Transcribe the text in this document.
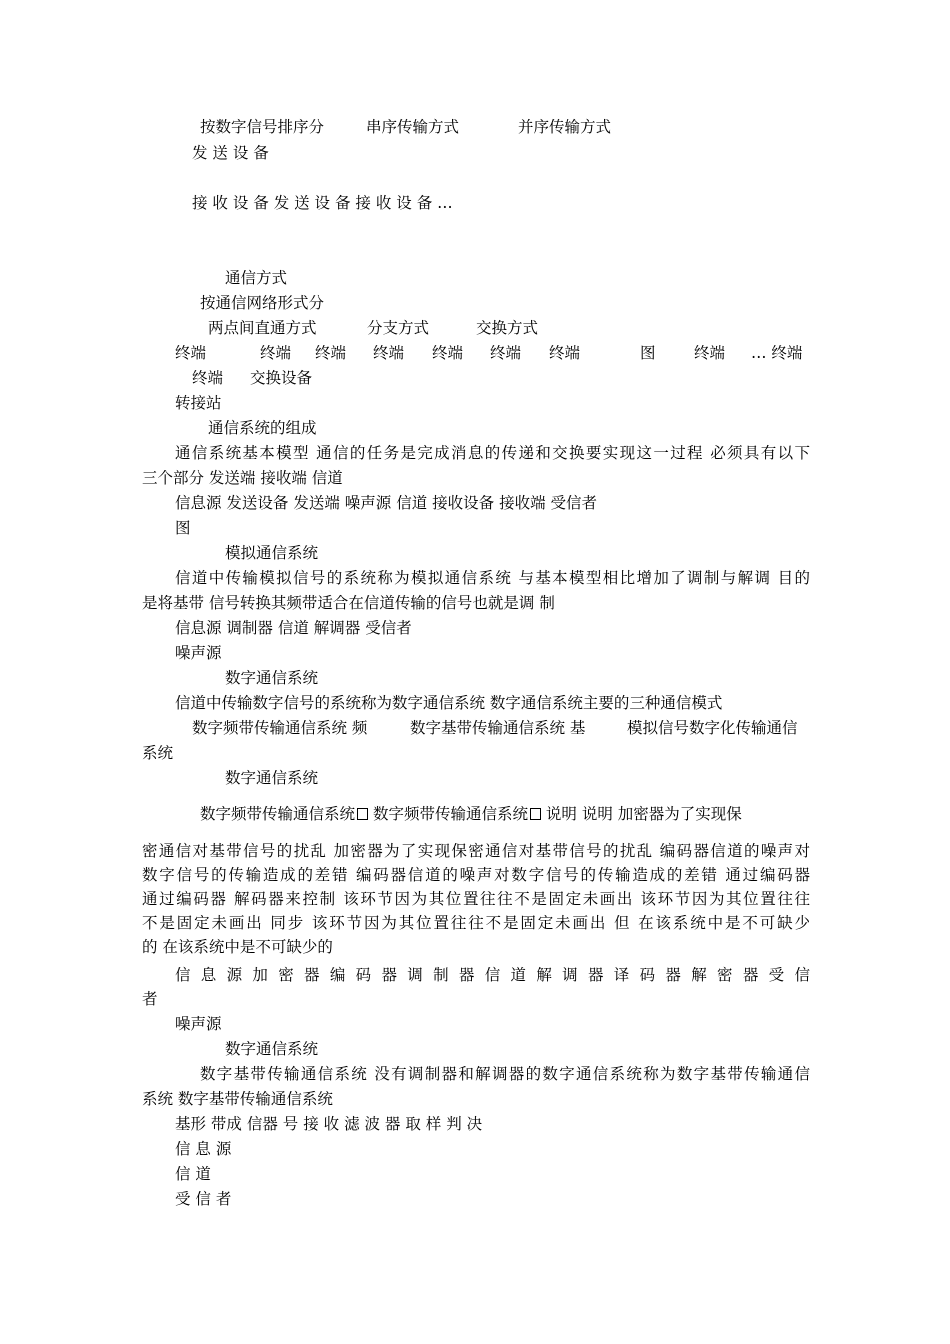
按数字信号排序分	串序传输方式	并序传输方式
发 送 设 备
接 收 设 备 发 送 设 备 接 收 设 备 …
通信方式
按通信网络形式分
两点间直通方式	分支方式	交换方式
终端	终端 终端 终端 终端 终端 终端	图 终端 … 终端
终端 交换设备
转接站
通信系统的组成
通信系统基本模型 通信的任务是完成消息的传递和交换要实现这一过程 必须具有以下
三个部分 发送端 接收端 信道
信息源 发送设备 发送端 噪声源 信道 接收设备 接收端 受信者
图
模拟通信系统
信道中传输模拟信号的系统称为模拟通信系统 与基本模型相比增加了调制与解调 目的
是将基带 信号转换其频带适合在信道传输的信号也就是调 制
信息源 调制器 信道 解调器 受信者
噪声源
数字通信系统
信道中传输数字信号的系统称为数字通信系统 数字通信系统主要的三种通信模式
数字频带传输通信系统 频	数字基带传输通信系统 基	模拟信号数字化传输通信
系统
数字通信系统
数字频带传输通信系统 数字频带传输通信系统 说明 说明 加密器为了实现保
密通信对基带信号的扰乱 加密器为了实现保密通信对基带信号的扰乱 编码器信道的噪声对
数字信号的传输造成的差错 编码器信道的噪声对数字信号的传输造成的差错 通过编码器
通过编码器 解码器来控制 该环节因为其位置往往不是固定未画出 该环节因为其位置往往
不是固定未画出 同步 该环节因为其位置往往不是固定未画出 但 在该系统中是不可缺少
的 在该系统中是不可缺少的
信 息 源 加 密 器 编 码 器 调 制 器 信 道 解 调 器 译 码 器 解 密 器 受 信
者
噪声源
数字通信系统
数字基带传输通信系统 没有调制器和解调器的数字通信系统称为数字基带传输通信
系统 数字基带传输通信系统
基形 带成 信器 号 接 收 滤 波 器 取 样 判 决
信 息 源
信 道
受 信 者
